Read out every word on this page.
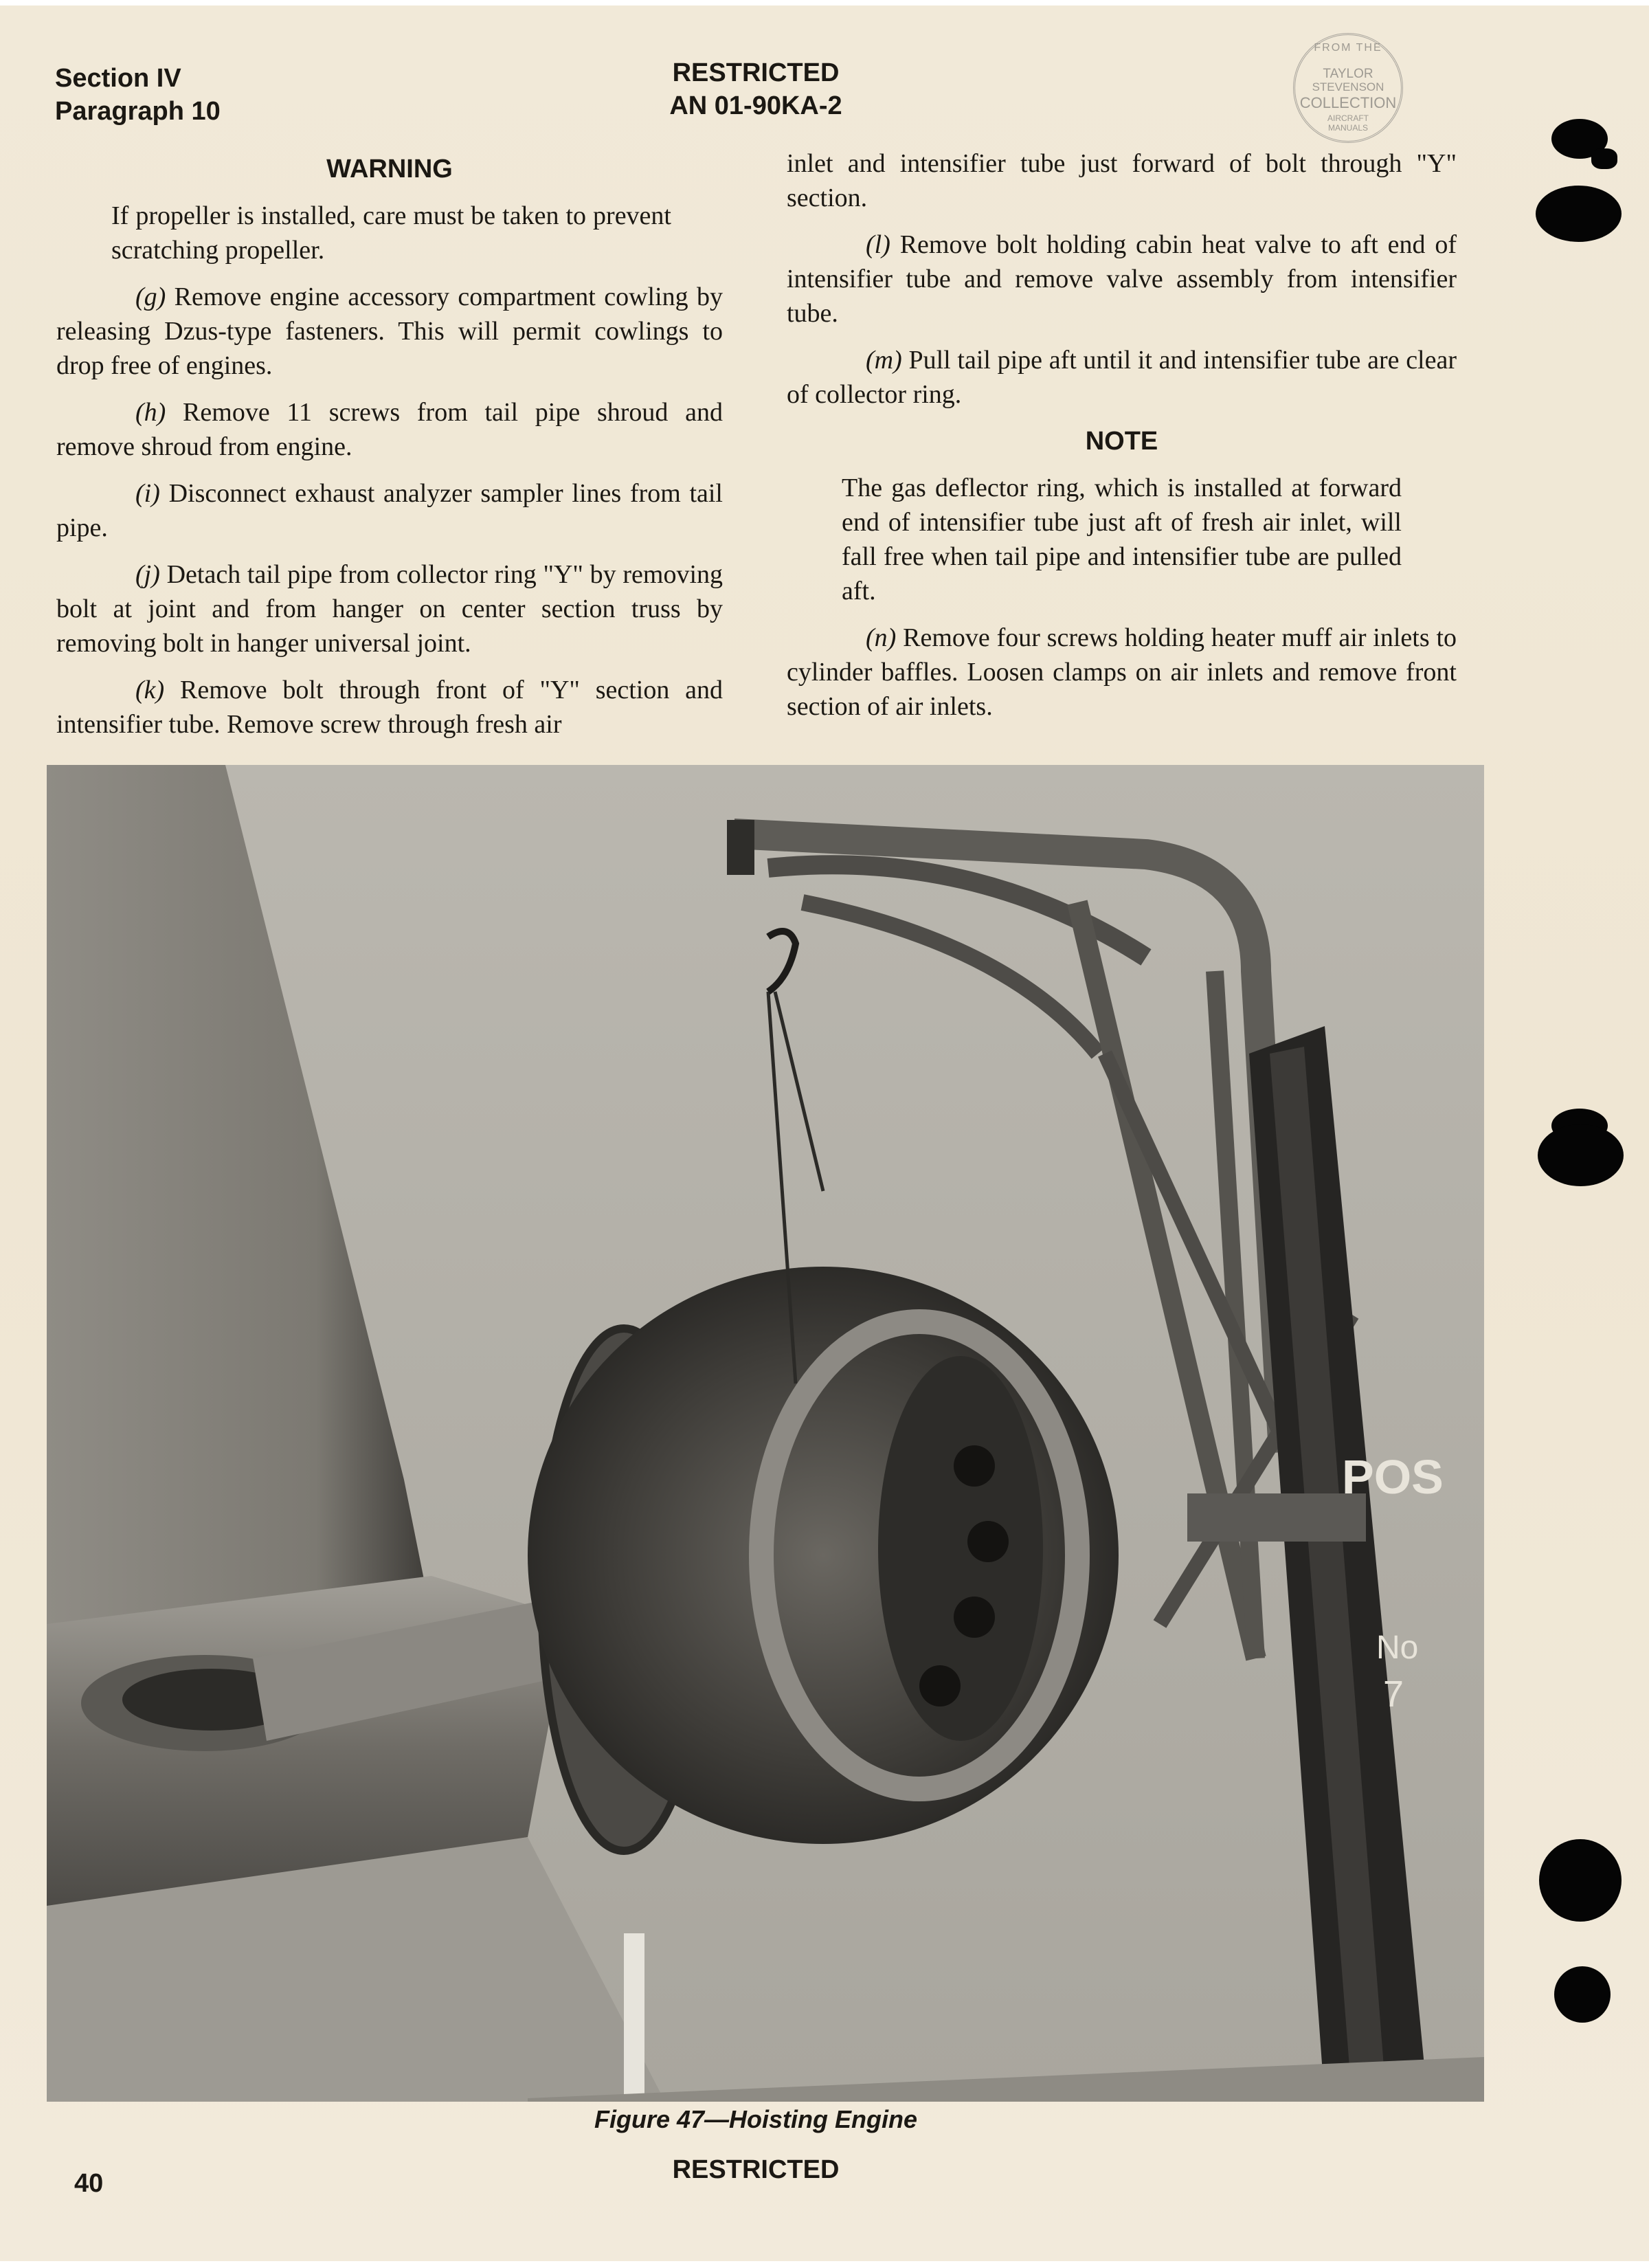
Section IV
Paragraph 10
RESTRICTED
AN 01-90KA-2
FROM THE
TAYLOR
STEVENSON
COLLECTION
AIRCRAFT
MANUALS
WARNING

If propeller is installed, care must be taken to prevent scratching propeller.

(g) Remove engine accessory compartment cowling by releasing Dzus-type fasteners. This will permit cowlings to drop free of engines.

(h) Remove 11 screws from tail pipe shroud and remove shroud from engine.

(i) Disconnect exhaust analyzer sampler lines from tail pipe.

(j) Detach tail pipe from collector ring "Y" by removing bolt at joint and from hanger on center section truss by removing bolt in hanger universal joint.

(k) Remove bolt through front of "Y" section and intensifier tube. Remove screw through fresh air

inlet and intensifier tube just forward of bolt through "Y" section.

(l) Remove bolt holding cabin heat valve to aft end of intensifier tube and remove valve assembly from intensifier tube.

(m) Pull tail pipe aft until it and intensifier tube are clear of collector ring.

NOTE

The gas deflector ring, which is installed at forward end of intensifier tube just aft of fresh air inlet, will fall free when tail pipe and intensifier tube are pulled aft.

(n) Remove four screws holding heater muff air inlets to cylinder baffles. Loosen clamps on air inlets and remove front section of air inlets.

POS
No
7
Figure 47—Hoisting Engine
40	RESTRICTED
